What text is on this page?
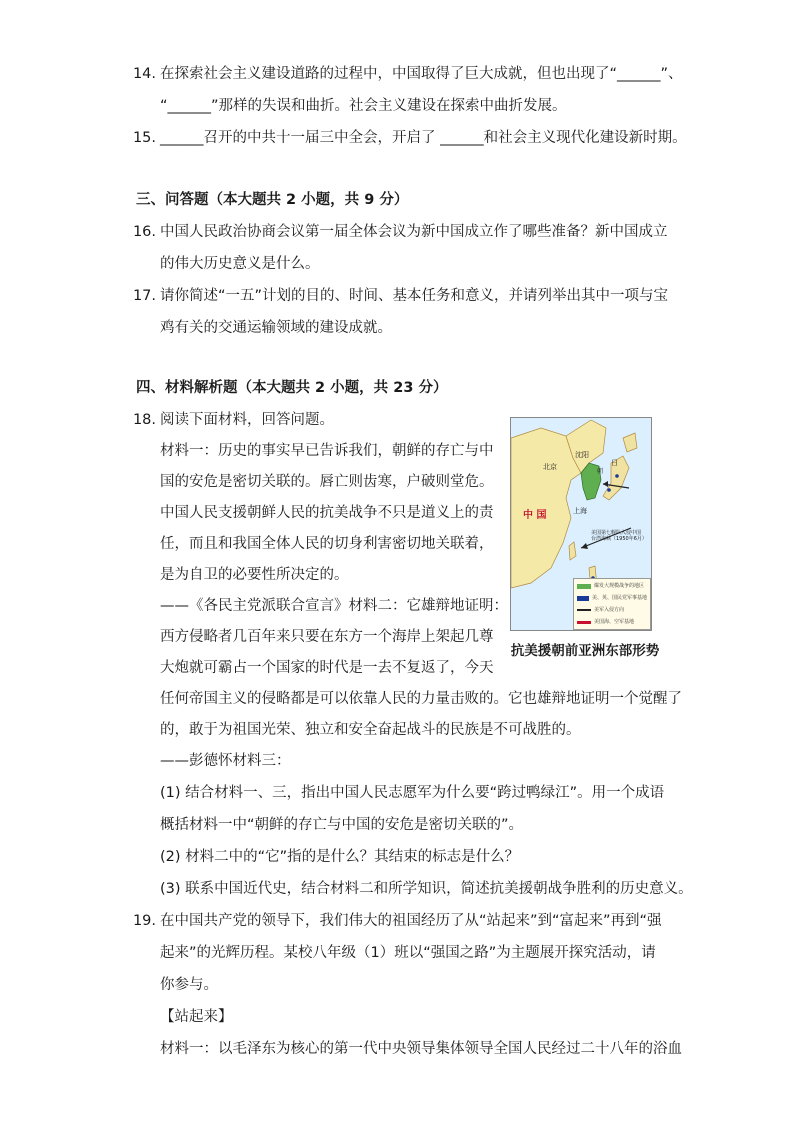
14. 在探索社会主义建设道路的过程中，中国取得了巨大成就，但也出现了“______”、
“______”那样的失误和曲折。社会主义建设在探索中曲折发展。
15. ______召开的中共十一届三中全会，开启了 ______和社会主义现代化建设新时期。
三、问答题（本大题共 2 小题，共 9 分）
16. 中国人民政治协商会议第一届全体会议为新中国成立作了哪些准备？新中国成立
的伟大历史意义是什么。
17. 请你简述“一五”计划的目的、时间、基本任务和意义，并请列举出其中一项与宝
鸡有关的交通运输领域的建设成就。
四、材料解析题（本大题共 2 小题，共 23 分）
18. 阅读下面材料，回答问题。
材料一：历史的事实早已告诉我们，朝鲜的存亡与中
国的安危是密切关联的。唇亡则齿寒，户破则堂危。
中国人民支援朝鲜人民的抗美战争不只是道义上的责
任，而且和我国全体人民的切身利害密切地关联着，
是为自卫的必要性所决定的。
——《各民主党派联合宣言》材料二：它雄辩地证明：
西方侵略者几百年来只要在东方一个海岸上架起几尊
大炮就可霸占一个国家的时代是一去不复返了，今天
任何帝国主义的侵略都是可以依靠人民的力量击败的。它也雄辩地证明一个觉醒了
的，敢于为祖国光荣、独立和安全奋起战斗的民族是不可战胜的。
——彭德怀材料三：
(1) 结合材料一、三，指出中国人民志愿军为什么要“跨过鸭绿江”。用一个成语
概括材料一中“朝鲜的存亡与中国的安危是密切关联的”。
(2) 材料二中的“它”指的是什么？其结束的标志是什么？
(3) 联系中国近代史，结合材料二和所学知识，简述抗美援朝战争胜利的历史意义。
中 国
北京
沈阳
上海
日
朝
美国第七舰队入侵中国台湾海峡（1950年6月）
爆发大规模战争的地区
美、英、国民党军事基地
美军入侵方向
美国海、空军基地
抗美援朝前亚洲东部形势
19. 在中国共产党的领导下，我们伟大的祖国经历了从“站起来”到“富起来”再到“强
起来”的光辉历程。某校八年级（1）班以“强国之路”为主题展开探究活动，请
你参与。
【站起来】
材料一：以毛泽东为核心的第一代中央领导集体领导全国人民经过二十八年的浴血
